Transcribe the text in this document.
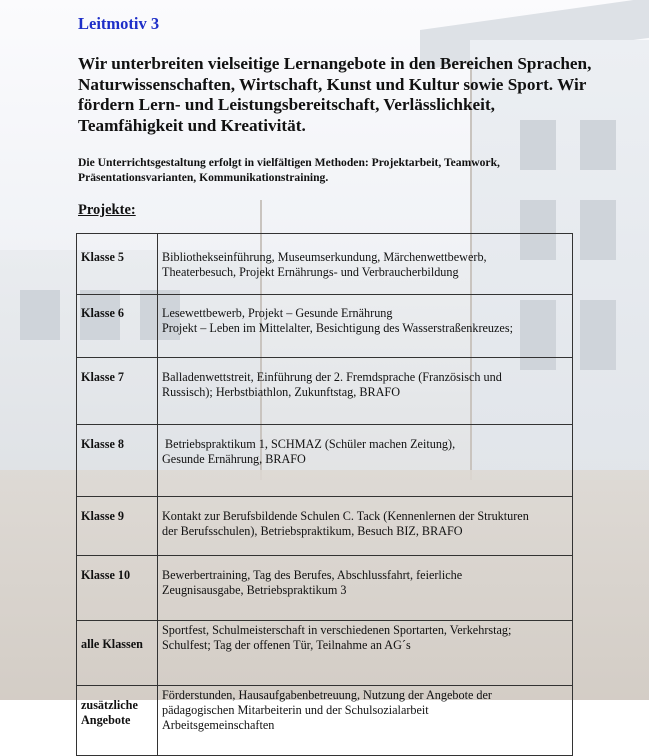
Leitmotiv 3
Wir unterbreiten vielseitige Lernangebote in den Bereichen Sprachen, Naturwissenschaften, Wirtschaft, Kunst und Kultur sowie Sport. Wir fördern Lern- und Leistungsbereitschaft, Verlässlichkeit, Teamfähigkeit und Kreativität.
Die Unterrichtsgestaltung erfolgt in vielfältigen Methoden: Projektarbeit, Teamwork, Präsentationsvarianten, Kommunikationstraining.
Projekte:
Klasse 5	Bibliothekseinführung, Museumserkundung, Märchenwettbewerb,
Theaterbesuch, Projekt Ernährungs- und Verbraucherbildung

Klasse 6	Lesewettbewerb, Projekt – Gesunde Ernährung
Projekt – Leben im Mittelalter, Besichtigung des Wasserstraßenkreuzes;

Klasse 7	Balladenwettstreit, Einführung der 2. Fremdsprache (Französisch und
Russisch); Herbstbiathlon, Zukunftstag, BRAFO

Klasse 8	Betriebspraktikum 1, SCHMAZ (Schüler machen Zeitung),
Gesunde Ernährung, BRAFO

Klasse 9	Kontakt zur Berufsbildende Schulen C. Tack (Kennenlernen der Strukturen
der Berufsschulen), Betriebspraktikum, Besuch BIZ, BRAFO

Klasse 10	Bewerbertraining, Tag des Berufes, Abschlussfahrt, feierliche
Zeugnisausgabe, Betriebspraktikum 3

alle Klassen	Sportfest, Schulmeisterschaft in verschiedenen Sportarten, Verkehrstag;
Schulfest; Tag der offenen Tür, Teilnahme an AG´s

zusätzliche
Angebote	Förderstunden, Hausaufgabenbetreuung, Nutzung der Angebote der
pädagogischen Mitarbeiterin und der Schulsozialarbeit
Arbeitsgemeinschaften
